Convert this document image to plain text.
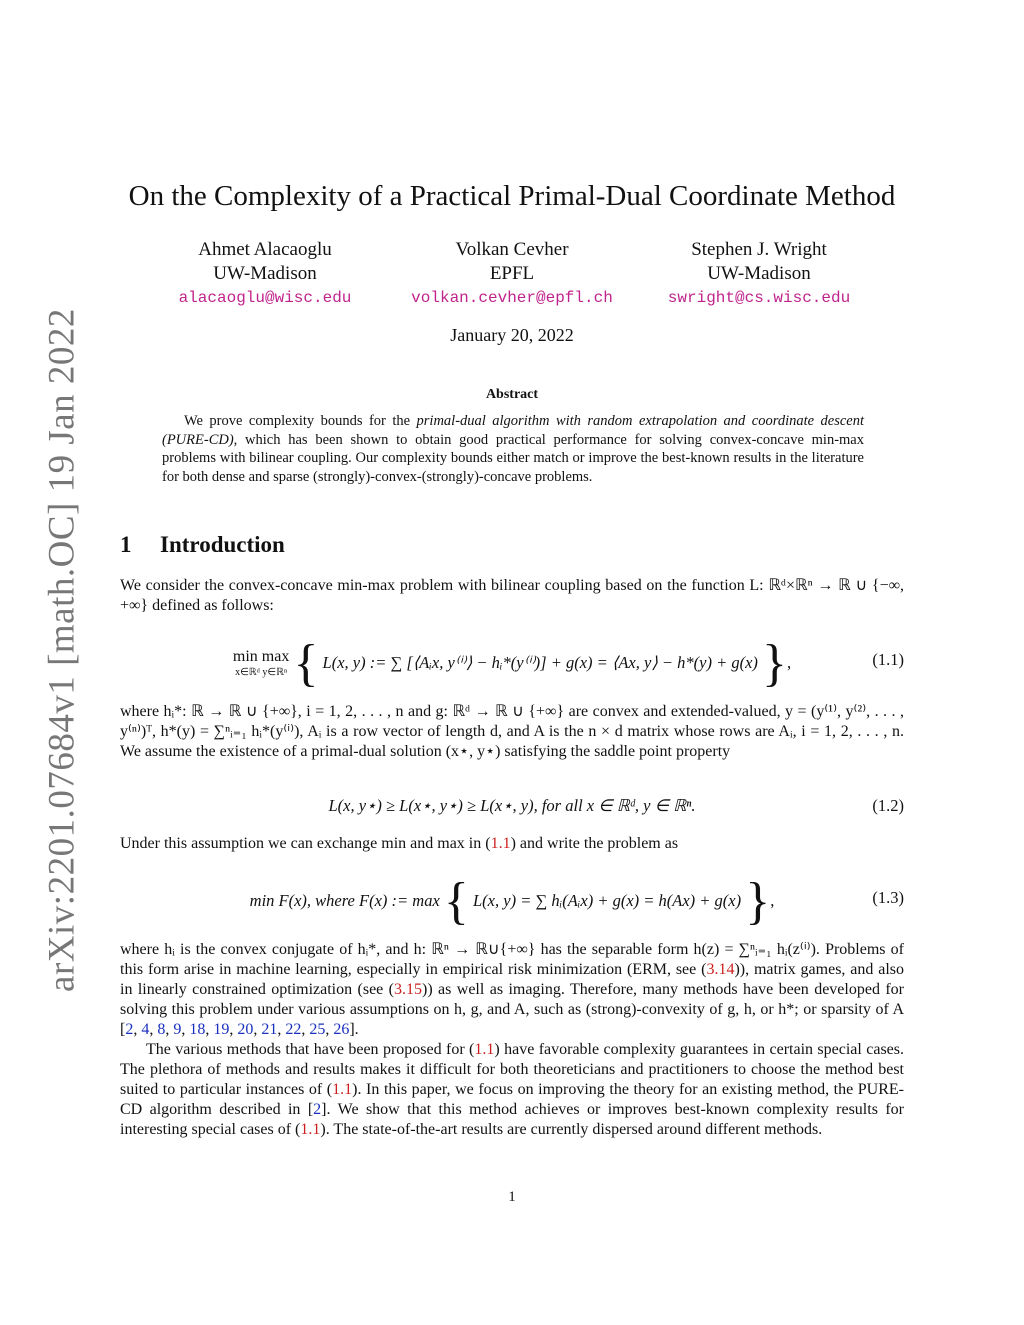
arXiv:2201.07684v1 [math.OC] 19 Jan 2022
On the Complexity of a Practical Primal-Dual Coordinate Method
Ahmet Alacaoglu
UW-Madison
alacaoglu@wisc.edu
Volkan Cevher
EPFL
volkan.cevher@epfl.ch
Stephen J. Wright
UW-Madison
swright@cs.wisc.edu
January 20, 2022
Abstract
We prove complexity bounds for the primal-dual algorithm with random extrapolation and coordinate descent (PURE-CD), which has been shown to obtain good practical performance for solving convex-concave min-max problems with bilinear coupling. Our complexity bounds either match or improve the best-known results in the literature for both dense and sparse (strongly)-convex-(strongly)-concave problems.
1 Introduction
We consider the convex-concave min-max problem with bilinear coupling based on the function L: ℝᵈ×ℝⁿ → ℝ ∪ {−∞, +∞} defined as follows:
min max
x∈ℝᵈ y∈ℝⁿ { L(x, y) := ∑ [⟨Aᵢx, y⁽ⁱ⁾⟩ − hᵢ*(y⁽ⁱ⁾)] + g(x) = ⟨Ax, y⟩ − h*(y) + g(x) },	(1.1)
where hᵢ*: ℝ → ℝ ∪ {+∞}, i = 1, 2, . . . , n and g: ℝᵈ → ℝ ∪ {+∞} are convex and extended-valued, y = (y⁽¹⁾, y⁽²⁾, . . . , y⁽ⁿ⁾)ᵀ, h*(y) = ∑ⁿᵢ₌₁ hᵢ*(y⁽ⁱ⁾), Aᵢ is a row vector of length d, and A is the n × d matrix whose rows are Aᵢ, i = 1, 2, . . . , n. We assume the existence of a primal-dual solution (x⋆, y⋆) satisfying the saddle point property
L(x, y⋆) ≥ L(x⋆, y⋆) ≥ L(x⋆, y), for all x ∈ ℝᵈ, y ∈ ℝⁿ.	(1.2)
Under this assumption we can exchange min and max in (1.1) and write the problem as
min F(x), where F(x) := max { L(x, y) = ∑ hᵢ(Aᵢx) + g(x) = h(Ax) + g(x) },	(1.3)
where hᵢ is the convex conjugate of hᵢ*, and h: ℝⁿ → ℝ∪{+∞} has the separable form h(z) = ∑ⁿᵢ₌₁ hᵢ(z⁽ⁱ⁾). Problems of this form arise in machine learning, especially in empirical risk minimization (ERM, see (3.14)), matrix games, and also in linearly constrained optimization (see (3.15)) as well as imaging. Therefore, many methods have been developed for solving this problem under various assumptions on h, g, and A, such as (strong)-convexity of g, h, or h*; or sparsity of A [2, 4, 8, 9, 18, 19, 20, 21, 22, 25, 26].
The various methods that have been proposed for (1.1) have favorable complexity guarantees in certain special cases. The plethora of methods and results makes it difficult for both theoreticians and practitioners to choose the method best suited to particular instances of (1.1). In this paper, we focus on improving the theory for an existing method, the PURE-CD algorithm described in [2]. We show that this method achieves or improves best-known complexity results for interesting special cases of (1.1). The state-of-the-art results are currently dispersed around different methods.
1
